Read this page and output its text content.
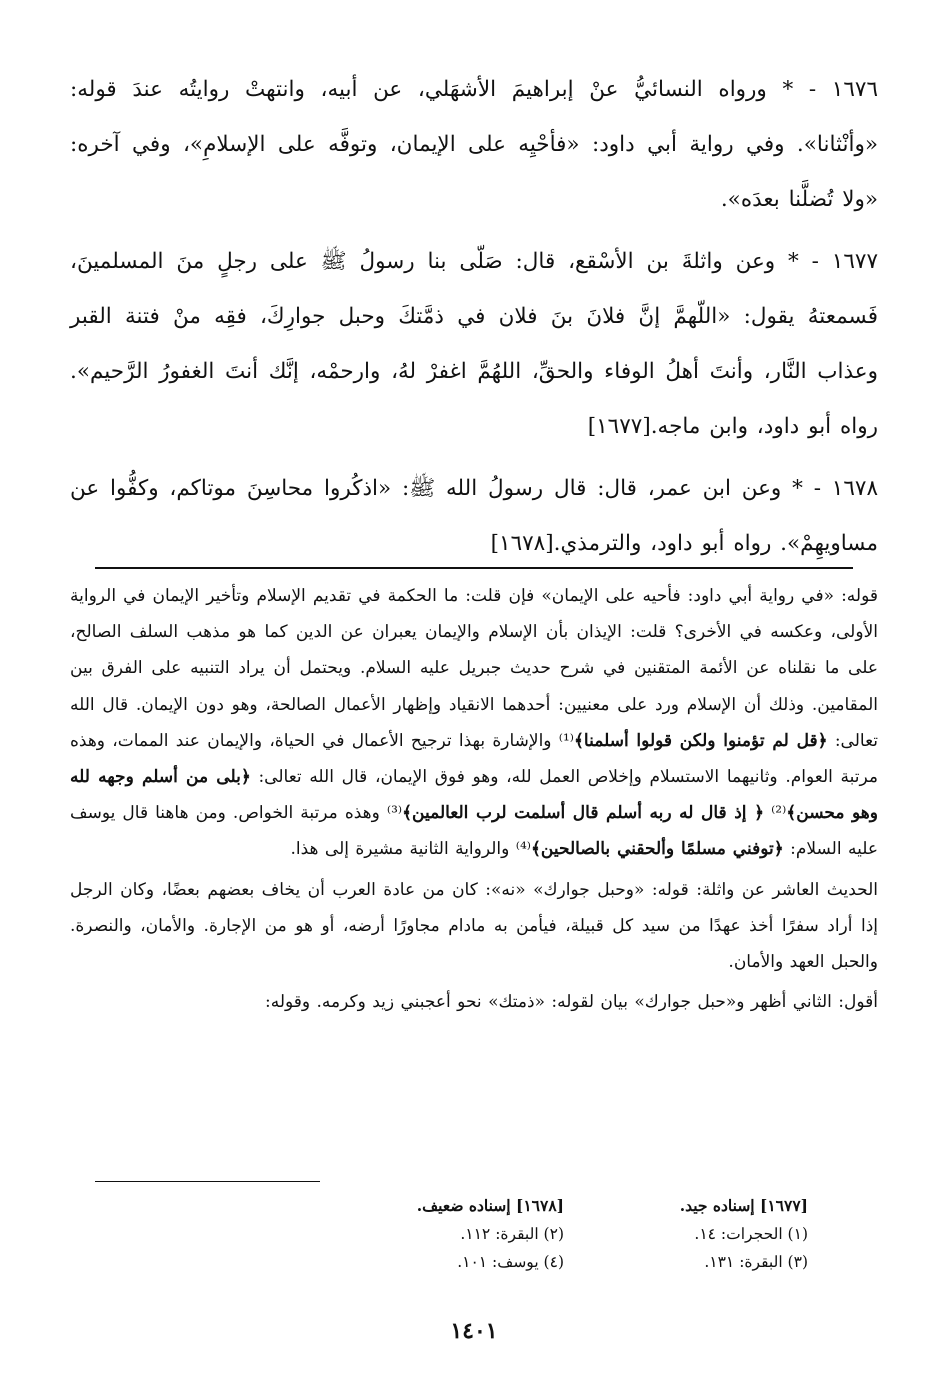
١٦٧٦ - * ورواه النسائيُّ عنْ إبراهيمَ الأشهَلي، عن أبيه، وانتهتْ روايتُه عندَ قوله: «وأنْثانا». وفي رواية أبي داود: «فأحْيِه على الإيمان، وتوفَّه على الإسلامِ»، وفي آخره: «ولا تُضلَّنا بعدَه».

١٦٧٧ - * وعن واثلةَ بن الأسْقع، قال: صَلّى بنا رسولُ ﷺ على رجلٍ منَ المسلمينَ، فَسمعتهُ يقول: «اللّهمَّ إنَّ فلانَ بنَ فلان في ذمَّتكَ وحبل جوارِكَ، فقِه منْ فتنة القبر وعذاب النَّار، وأنتَ أهلُ الوفاء والحقِّ، اللهُمَّ اغفرْ لهُ، وارحمْه، إنَّك أنتَ الغفورُ الرَّحيم». رواه أبو داود، وابن ماجه.[١٦٧٧]

١٦٧٨ - * وعن ابن عمر، قال: قال رسولُ الله ﷺ: «اذكُروا محاسِنَ موتاكم، وكفُّوا عن مساويهِمْ». رواه أبو داود، والترمذي.[١٦٧٨]

قوله: «في رواية أبي داود: فأحيه على الإيمان» فإن قلت: ما الحكمة في تقديم الإسلام وتأخير الإيمان في الرواية الأولى، وعكسه في الأخرى؟ قلت: الإيذان بأن الإسلام والإيمان يعبران عن الدين كما هو مذهب السلف الصالح، على ما نقلناه عن الأئمة المتقنين في شرح حديث جبريل عليه السلام. ويحتمل أن يراد التنبيه على الفرق بين المقامين. وذلك أن الإسلام ورد على معنيين: أحدهما الانقياد وإظهار الأعمال الصالحة، وهو دون الإيمان. قال الله تعالى: ﴿قل لم تؤمنوا ولكن قولوا أسلمنا﴾⁽¹⁾ والإشارة بهذا ترجيح الأعمال في الحياة، والإيمان عند الممات، وهذه مرتبة العوام. وثانيهما الاستسلام وإخلاص العمل لله، وهو فوق الإيمان، قال الله تعالى: ﴿بلى من أسلم وجهه لله وهو محسن﴾⁽²⁾ ﴿ إذ قال له ربه أسلم قال أسلمت لرب العالمين﴾⁽³⁾ وهذه مرتبة الخواص. ومن هاهنا قال يوسف عليه السلام: ﴿توفني مسلمًا وألحقني بالصالحين﴾⁽⁴⁾ والرواية الثانية مشيرة إلى هذا.

الحديث العاشر عن واثلة: قوله: «وحبل جوارك» «نه»: كان من عادة العرب أن يخاف بعضهم بعضًا، وكان الرجل إذا أراد سفرًا أخذ عهدًا من سيد كل قبيلة، فيأمن به مادام مجاورًا أرضه، أو هو من الإجارة. والأمان، والنصرة. والحبل العهد والأمان.

أقول: الثاني أظهر و«حبل جوارك» بيان لقوله: «ذمتك» نحو أعجبني زيد وكرمه. وقوله:

[١٦٧٧] إسناده جيد.
[١٦٧٨] إسناده ضعيف.
(١) الحجرات: ١٤.
(٢) البقرة: ١١٢.
(٣) البقرة: ١٣١.
(٤) يوسف: ١٠١.
١٤٠١
